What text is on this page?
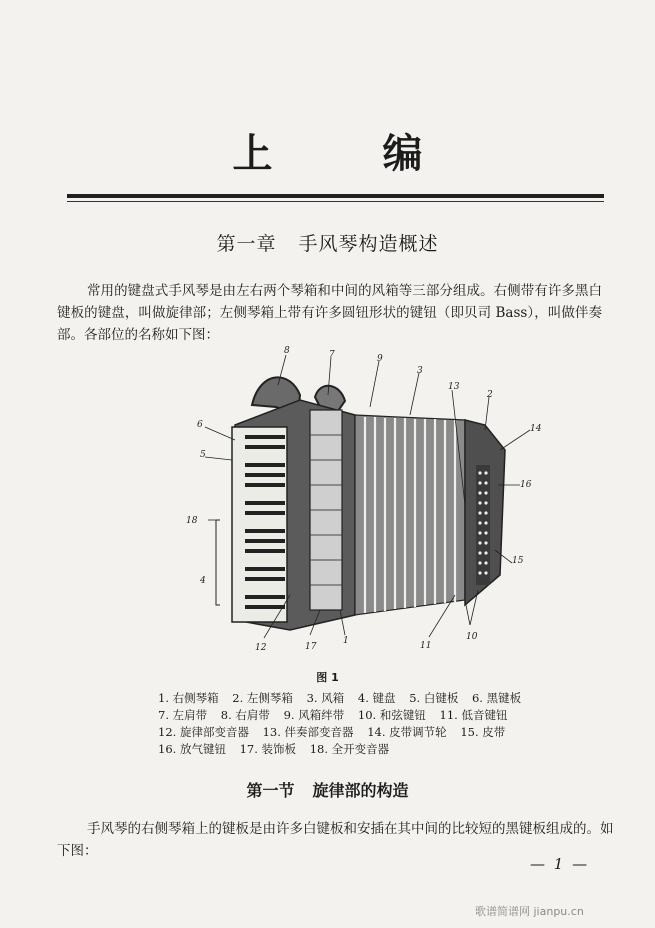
上	编
第一章 手风琴构造概述
常用的键盘式手风琴是由左右两个琴箱和中间的风箱等三部分组成。右侧带有许多黑白键板的键盘，叫做旋律部；左侧琴箱上带有许多圆钮形状的键钮（即贝司 Bass），叫做伴奏部。各部位的名称如下图：
8	7	9
3
13
2
14
6
5
16
18
4
15
12	17
1	11
10
图 1
1. 右侧琴箱 2. 左侧琴箱 3. 风箱 4. 键盘 5. 白键板 6. 黑键板
7. 左肩带 8. 右肩带 9. 风箱绊带 10. 和弦键钮 11. 低音键钮
12. 旋律部变音器 13. 伴奏部变音器 14. 皮带调节轮 15. 皮带
16. 放气键钮 17. 装饰板 18. 全开变音器
第一节 旋律部的构造
手风琴的右侧琴箱上的键板是由许多白键板和安插在其中间的比较短的黑键板组成的。如下图：
— 1 —
歌谱简谱网 jianpu.cn
